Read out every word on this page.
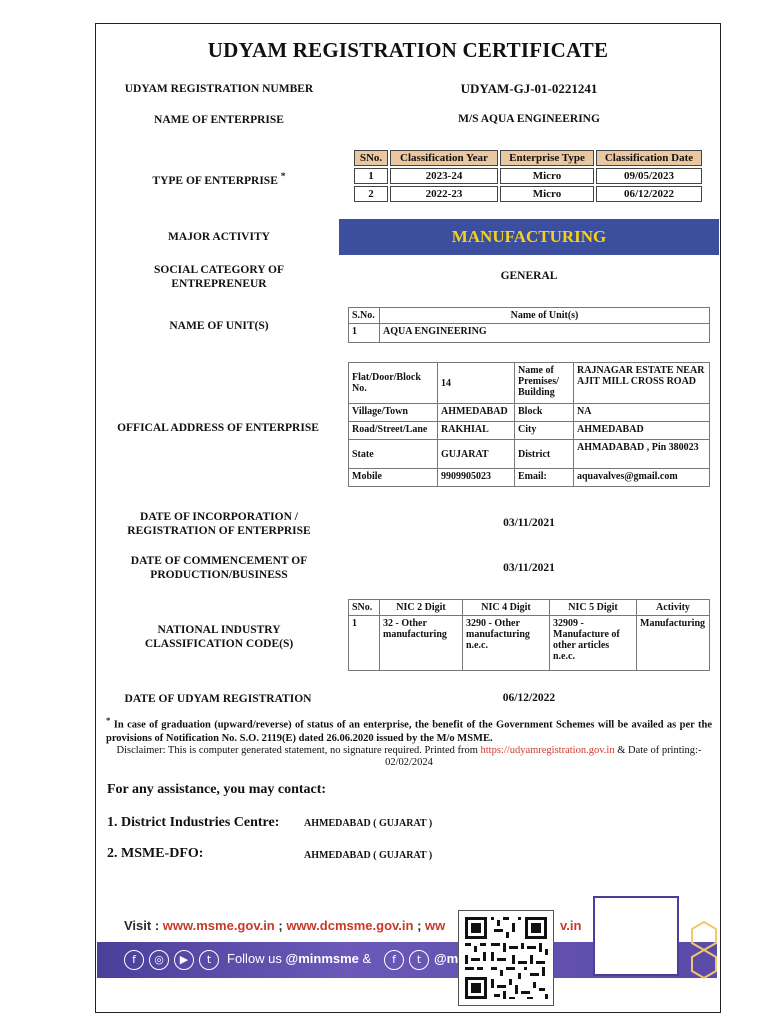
UDYAM REGISTRATION CERTIFICATE
UDYAM REGISTRATION NUMBER	UDYAM-GJ-01-0221241
NAME OF ENTERPRISE	M/S AQUA ENGINEERING
TYPE OF ENTERPRISE *
SNo.	Classification Year	Enterprise Type	Classification Date
1	2023-24	Micro	09/05/2023
2	2022-23	Micro	06/12/2022
MAJOR ACTIVITY	MANUFACTURING
SOCIAL CATEGORY OF
ENTREPRENEUR
GENERAL
NAME OF UNIT(S)
S.No.	Name of Unit(s)
1	AQUA ENGINEERING
OFFICAL ADDRESS OF ENTERPRISE
Flat/Door/Block No.	14	Name of Premises/ Building	RAJNAGAR ESTATE NEAR AJIT MILL CROSS ROAD
Village/Town	AHMEDABAD	Block	NA
Road/Street/Lane	RAKHIAL	City	AHMEDABAD
State	GUJARAT	District	AHMADABAD , Pin 380023
Mobile	9909905023	Email:	aquavalves@gmail.com
DATE OF INCORPORATION /
REGISTRATION OF ENTERPRISE
03/11/2021
DATE OF COMMENCEMENT OF
PRODUCTION/BUSINESS
03/11/2021
NATIONAL INDUSTRY
CLASSIFICATION CODE(S)
SNo.	NIC 2 Digit	NIC 4 Digit	NIC 5 Digit	Activity
1	32 - Other manufacturing	3290 - Other manufacturing n.e.c.	32909 - Manufacture of other articles n.e.c.	Manufacturing
DATE OF UDYAM REGISTRATION	06/12/2022
* In case of graduation (upward/reverse) of status of an enterprise, the benefit of the Government Schemes will be availed as per the provisions of Notification No. S.O. 2119(E) dated 26.06.2020 issued by the M/o MSME.
Disclaimer: This is computer generated statement, no signature required. Printed from https://udyamregistration.gov.in & Date of printing:-
02/02/2024
For any assistance, you may contact:
1. District Industries Centre: AHMEDABAD ( GUJARAT )
2. MSME-DFO:	AHMEDABAD ( GUJARAT )
Visit : www.msme.gov.in ; www.dcmsme.gov.in ; ww	v.in
f	◎	▶	t	Follow us @minmsme &	f	t @m
